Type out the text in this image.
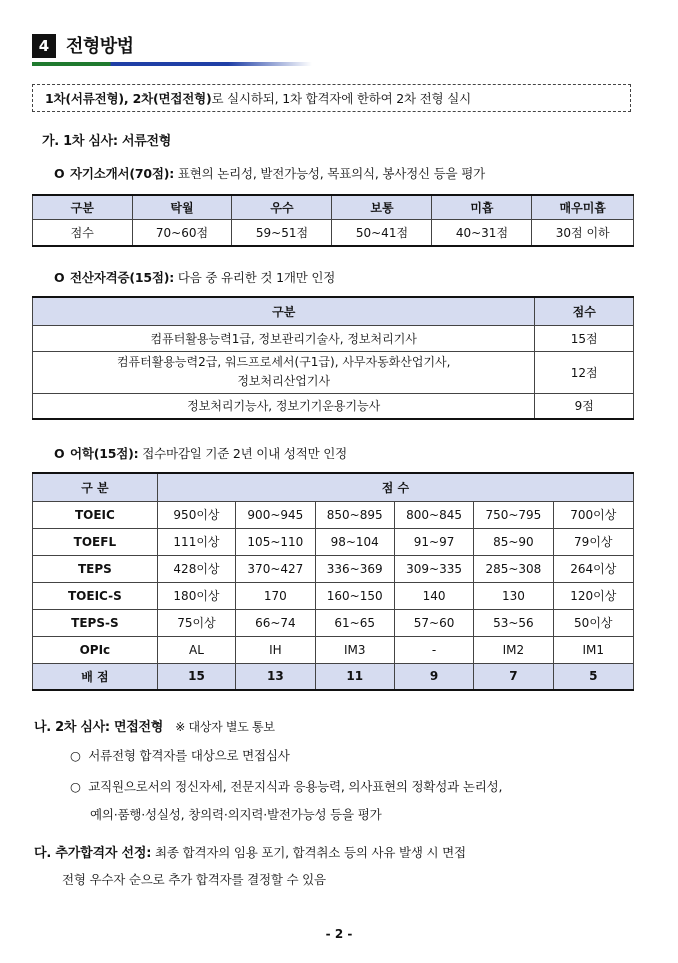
4 전형방법
1차(서류전형), 2차(면접전형)로 실시하되, 1차 합격자에 한하여 2차 전형 실시
가. 1차 심사: 서류전형
O 자기소개서(70점): 표현의 논리성, 발전가능성, 목표의식, 봉사정신 등을 평가
구분	탁월	우수	보통	미흡	매우미흡
점수	70~60점	59~51점	50~41점	40~31점	30점 이하
O 전산자격증(15점): 다음 중 유리한 것 1개만 인정
구분	점수
컴퓨터활용능력1급, 정보관리기술사, 정보처리기사	15점
컴퓨터활용능력2급, 워드프로세서(구1급), 사무자동화산업기사,
정보처리산업기사	12점
정보처리기능사, 정보기기운용기능사	9점
O 어학(15점): 접수마감일 기준 2년 이내 성적만 인정
구 분	점 수					
TOEIC	950이상	900~945	850~895	800~845	750~795	700이상
TOEFL	111이상	105~110	98~104	91~97	85~90	79이상
TEPS	428이상	370~427	336~369	309~335	285~308	264이상
TOEIC-S	180이상	170	160~150	140	130	120이상
TEPS-S	75이상	66~74	61~65	57~60	53~56	50이상
OPIc	AL	IH	IM3	-	IM2	IM1
배 점	15	13	11	9	7	5
나. 2차 심사: 면접전형 ※ 대상자 별도 통보
○ 서류전형 합격자를 대상으로 면접심사
○ 교직원으로서의 정신자세, 전문지식과 응용능력, 의사표현의 정확성과 논리성,
예의·품행·성실성, 창의력·의지력·발전가능성 등을 평가
다. 추가합격자 선정: 최종 합격자의 임용 포기, 합격취소 등의 사유 발생 시 면접
전형 우수자 순으로 추가 합격자를 결정할 수 있음
- 2 -
